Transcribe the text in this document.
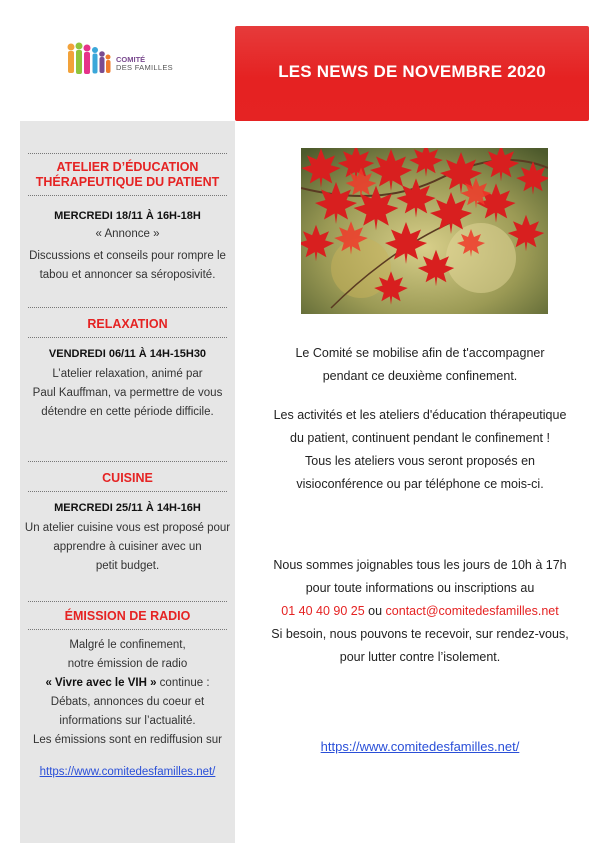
COMITÉ
DES FAMILLES	LES NEWS DE NOVEMBRE 2020
ATELIER D’ÉDUCATION
THÉRAPEUTIQUE DU PATIENT
MERCREDI 18/11 À 16H-18H
« Annonce »
Discussions et conseils pour rompre le
tabou et annoncer sa séroposivité.
RELAXATION
VENDREDI 06/11 À 14H-15H30
L’atelier relaxation, animé par
Paul Kauffman, va permettre de vous
détendre en cette période difficile.
CUISINE
MERCREDI 25/11 À 14H-16H
Un atelier cuisine vous est proposé pour
apprendre à cuisiner avec un
petit budget.
ÉMISSION DE RADIO
Malgré le confinement,
notre émission de radio
« Vivre avec le VIH » continue :
Débats, annonces du coeur et
informations sur l’actualité.
Les émissions sont en rediffusion sur
https://www.comitedesfamilles.net/

Le Comité se mobilise afin de t'accompagner

pendant ce deuxième confinement.

Les activités et les ateliers d'éducation thérapeutique

du patient, continuent pendant le confinement !

Tous les ateliers vous seront proposés en

visioconférence ou par téléphone ce mois-ci.

Nous sommes joignables tous les jours de 10h à 17h

pour toute informations ou inscriptions au

01 40 40 90 25 ou contact@comitedesfamilles.net

Si besoin, nous pouvons te recevoir, sur rendez-vous,

pour lutter contre l’isolement.

https://www.comitedesfamilles.net/
